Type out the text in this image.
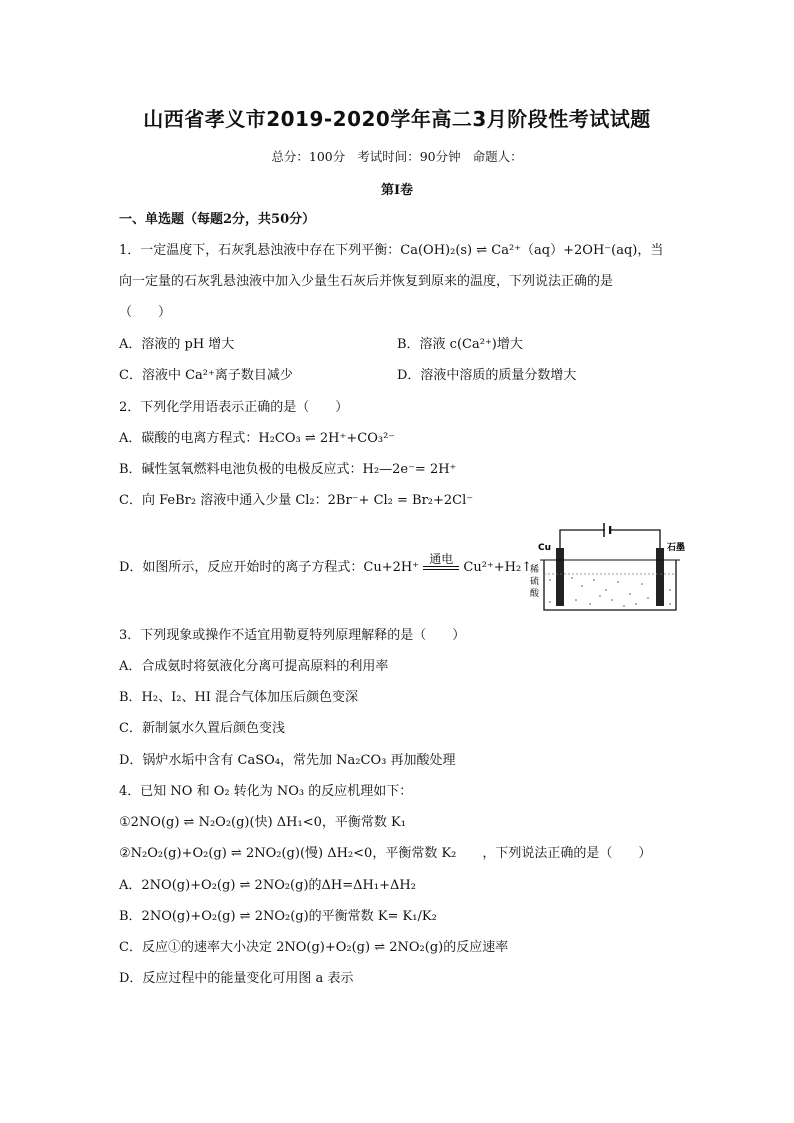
山西省孝义市2019-2020学年高二3月阶段性考试试题
总分：100分 考试时间：90分钟 命题人：
第I卷
一、单选题（每题2分，共50分）
1．一定温度下，石灰乳悬浊液中存在下列平衡：Ca(OH)₂(s) ⇌ Ca²⁺（aq）+2OH⁻(aq)，当
向一定量的石灰乳悬浊液中加入少量生石灰后并恢复到原来的温度，下列说法正确的是
（　　）
A．溶液的 pH 增大	B．溶液 c(Ca²⁺)增大
C．溶液中 Ca²⁺离子数目减少	D．溶液中溶质的质量分数增大
2．下列化学用语表示正确的是（　　）
A．碳酸的电离方程式：H₂CO₃ ⇌ 2H⁺+CO₃²⁻
B．碱性氢氧燃料电池负极的电极反应式：H₂—2e⁻= 2H⁺
C．向 FeBr₂ 溶液中通入少量 Cl₂：2Br⁻+ Cl₂ = Br₂+2Cl⁻
D．如图所示，反应开始时的离子方程式：Cu+2H⁺
通电
Cu²⁺+H₂↑
Cu	石墨
稀
硫
酸
3．下列现象或操作不适宜用勒夏特列原理解释的是（　　）
A．合成氨时将氨液化分离可提高原料的利用率
B．H₂、I₂、HI 混合气体加压后颜色变深
C．新制氯水久置后颜色变浅
D．锅炉水垢中含有 CaSO₄，常先加 Na₂CO₃ 再加酸处理
4．已知 NO 和 O₂ 转化为 NO₃ 的反应机理如下：
①2NO(g) ⇌ N₂O₂(g)(快) ΔH₁<0，平衡常数 K₁
②N₂O₂(g)+O₂(g) ⇌ 2NO₂(g)(慢) ΔH₂<0，平衡常数 K₂　　，下列说法正确的是（　　）
A．2NO(g)+O₂(g) ⇌ 2NO₂(g)的ΔH=ΔH₁+ΔH₂
B．2NO(g)+O₂(g) ⇌ 2NO₂(g)的平衡常数 K= K₁/K₂
C．反应①的速率大小决定 2NO(g)+O₂(g) ⇌ 2NO₂(g)的反应速率
D．反应过程中的能量变化可用图 a 表示
